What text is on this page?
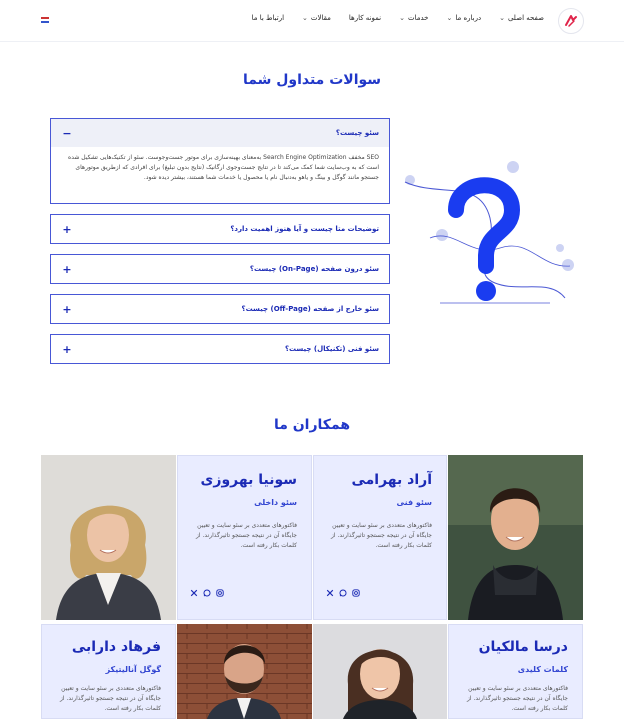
صفحه اصلی
⌄
درباره ما
⌄
خدمات
⌄
نمونه کارها
مقالات
⌄
ارتباط با ما
سوالات متداول شما
سئو چیست؟
−
SEO مخفف Search Engine Optimization به‌معنای بهینه‌سازی برای موتور جست‌وجوست. سئو از تکنیک‌هایی تشکیل شده است که به وب‌سایت شما کمک می‌کند تا در نتایج جست‌وجوی ارگانیک (نتایج بدون تبلیغ) برای افرادی که ازطریق موتورهای جستجو مانند گوگل و بینگ و یاهو به‌دنبال نام یا محصول یا خدمات شما هستند، بیشتر دیده شود.
توضیحات متا چیست و آیا هنوز اهمیت دارد؟
+
سئو درون صفحه (On-Page) چیست؟
+
سئو خارج از صفحه (Off-Page) چیست؟
+
سئو فنی (تکنیکال) چیست؟
+
همکاران ما
آراد بهرامی
سئو فنی
فاکتورهای متعددی بر سئو سایت و تعیین جایگاه آن در نتیجه جستجو تاثیرگذارند. از کلمات بکار رفته است.
سونیا بهروزی
سئو داخلی
فاکتورهای متعددی بر سئو سایت و تعیین جایگاه آن در نتیجه جستجو تاثیرگذارند. از کلمات بکار رفته است.
درسا مالکیان
کلمات کلیدی
فاکتورهای متعددی بر سئو سایت و تعیین جایگاه آن در نتیجه جستجو تاثیرگذارند. از کلمات بکار رفته است.
فرهاد دارابی
گوگل آنالیتیکز
فاکتورهای متعددی بر سئو سایت و تعیین جایگاه آن در نتیجه جستجو تاثیرگذارند. از کلمات بکار رفته است.
